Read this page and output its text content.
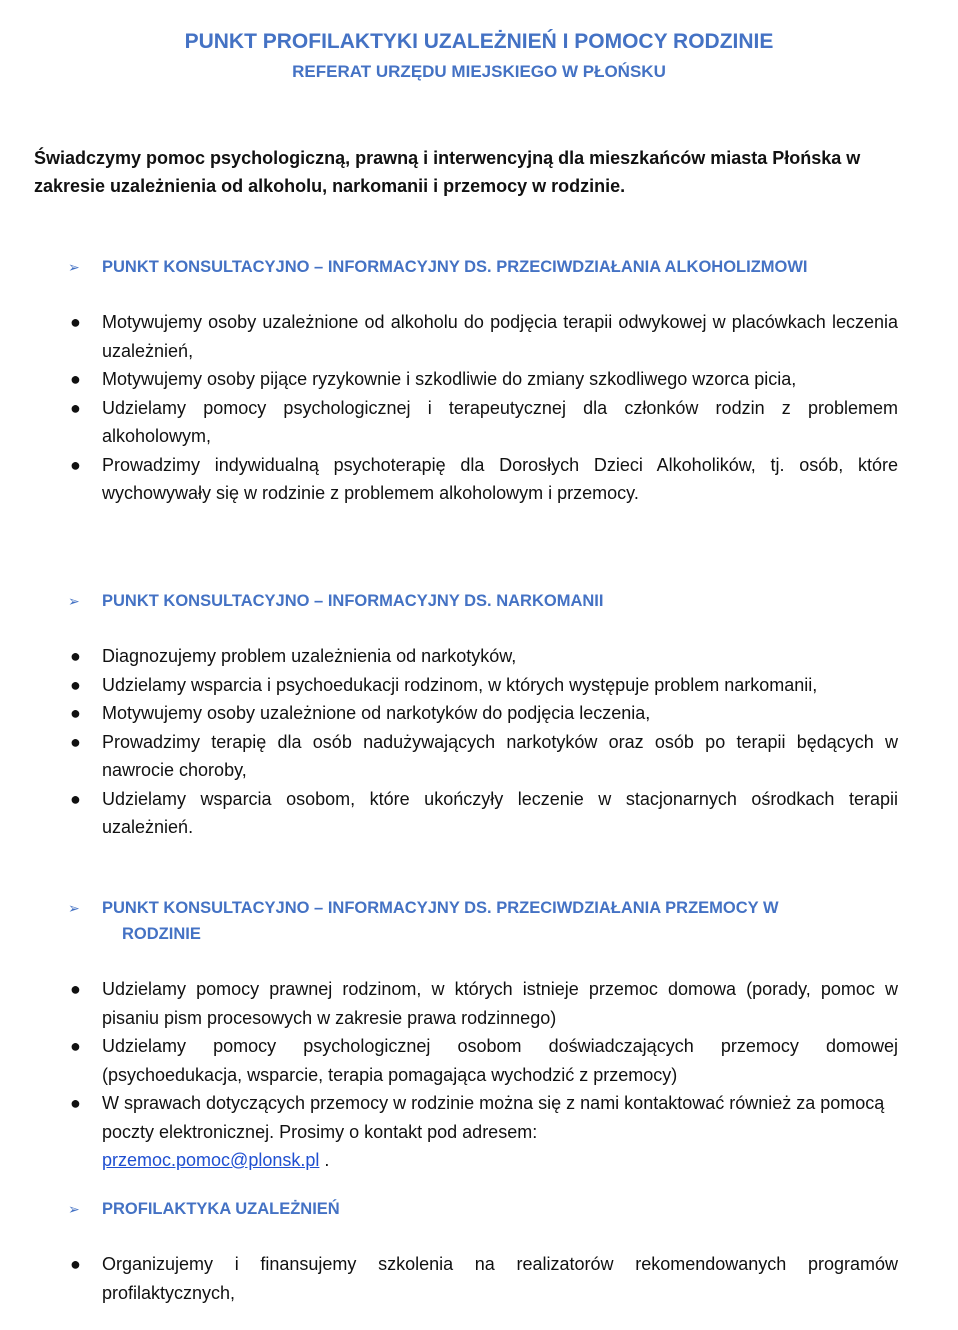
PUNKT PROFILAKTYKI UZALEŻNIEŃ I POMOCY RODZINIE
REFERAT URZĘDU MIEJSKIEGO W PŁOŃSKU

Świadczymy pomoc psychologiczną, prawną i interwencyjną dla mieszkańców miasta Płońska w zakresie uzależnienia od alkoholu, narkomanii i przemocy w rodzinie.

➢ PUNKT KONSULTACYJNO – INFORMACYJNY DS. PRZECIWDZIAŁANIA ALKOHOLIZMOWI

● Motywujemy osoby uzależnione od alkoholu do podjęcia terapii odwykowej w placówkach leczenia uzależnień,
● Motywujemy osoby pijące ryzykownie i szkodliwie do zmiany szkodliwego wzorca picia,
● Udzielamy pomocy psychologicznej i terapeutycznej dla członków rodzin z problemem alkoholowym,
● Prowadzimy indywidualną psychoterapię dla Dorosłych Dzieci Alkoholików, tj. osób, które wychowywały się w rodzinie z problemem alkoholowym i przemocy.

➢ PUNKT KONSULTACYJNO – INFORMACYJNY DS. NARKOMANII

● Diagnozujemy problem uzależnienia od narkotyków,
● Udzielamy wsparcia i psychoedukacji rodzinom, w których występuje problem narkomanii,
● Motywujemy osoby uzależnione od narkotyków do podjęcia leczenia,
● Prowadzimy terapię dla osób nadużywających narkotyków oraz osób po terapii będących w nawrocie choroby,
● Udzielamy wsparcia osobom, które ukończyły leczenie w stacjonarnych ośrodkach terapii uzależnień.

➢ PUNKT KONSULTACYJNO – INFORMACYJNY DS. PRZECIWDZIAŁANIA PRZEMOCY W
RODZINIE

● Udzielamy pomocy prawnej rodzinom, w których istnieje przemoc domowa (porady, pomoc w pisaniu pism procesowych w zakresie prawa rodzinnego)
● Udzielamy pomocy psychologicznej osobom doświadczających przemocy domowej (psychoedukacja, wsparcie, terapia pomagająca wychodzić z przemocy)
● W sprawach dotyczących przemocy w rodzinie można się z nami kontaktować również za pomocą poczty elektronicznej. Prosimy o kontakt pod adresem:
przemoc.pomoc@plonsk.pl .

➢ PROFILAKTYKA UZALEŻNIEŃ

● Organizujemy i finansujemy szkolenia na realizatorów rekomendowanych programów profilaktycznych,
